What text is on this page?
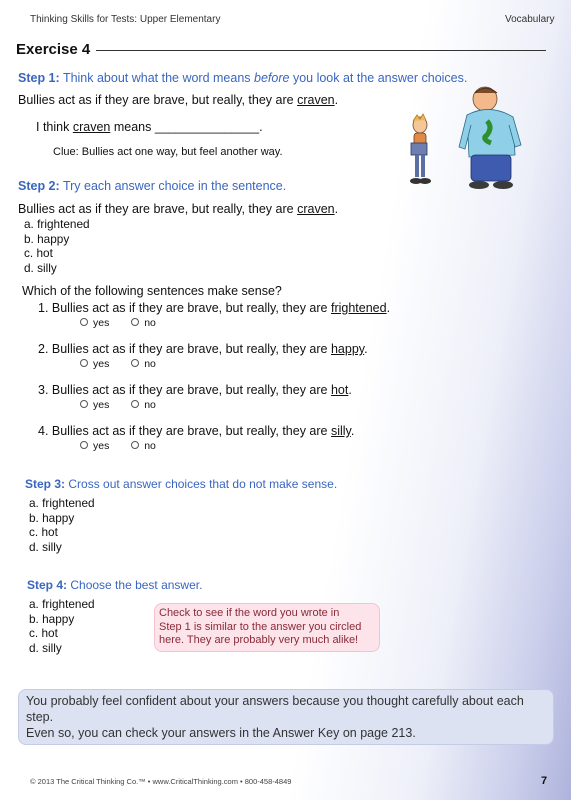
Thinking Skills for Tests: Upper Elementary	Vocabulary
Exercise 4
Step 1: Think about what the word means before you look at the answer choices.
Bullies act as if they are brave, but really, they are craven.
I think craven means _______________.
Clue: Bullies act one way, but feel another way.
Step 2: Try each answer choice in the sentence.
Bullies act as if they are brave, but really, they are craven.
a. frightened
b. happy
c. hot
d. silly
Which of the following sentences make sense?
1. Bullies act as if they are brave, but really, they are frightened.
yes	no
2. Bullies act as if they are brave, but really, they are happy.
yes	no
3. Bullies act as if they are brave, but really, they are hot.
yes	no
4. Bullies act as if they are brave, but really, they are silly.
yes	no
Step 3: Cross out answer choices that do not make sense.
a. frightened
b. happy
c. hot
d. silly
Step 4: Choose the best answer.
a. frightened
b. happy
c. hot
d. silly
Check to see if the word you wrote in
Step 1 is similar to the answer you circled
here. They are probably very much alike!
You probably feel confident about your answers because you thought carefully about each step.
Even so, you can check your answers in the Answer Key on page 213.
© 2013 The Critical Thinking Co.™ • www.CriticalThinking.com • 800-458-4849	7
